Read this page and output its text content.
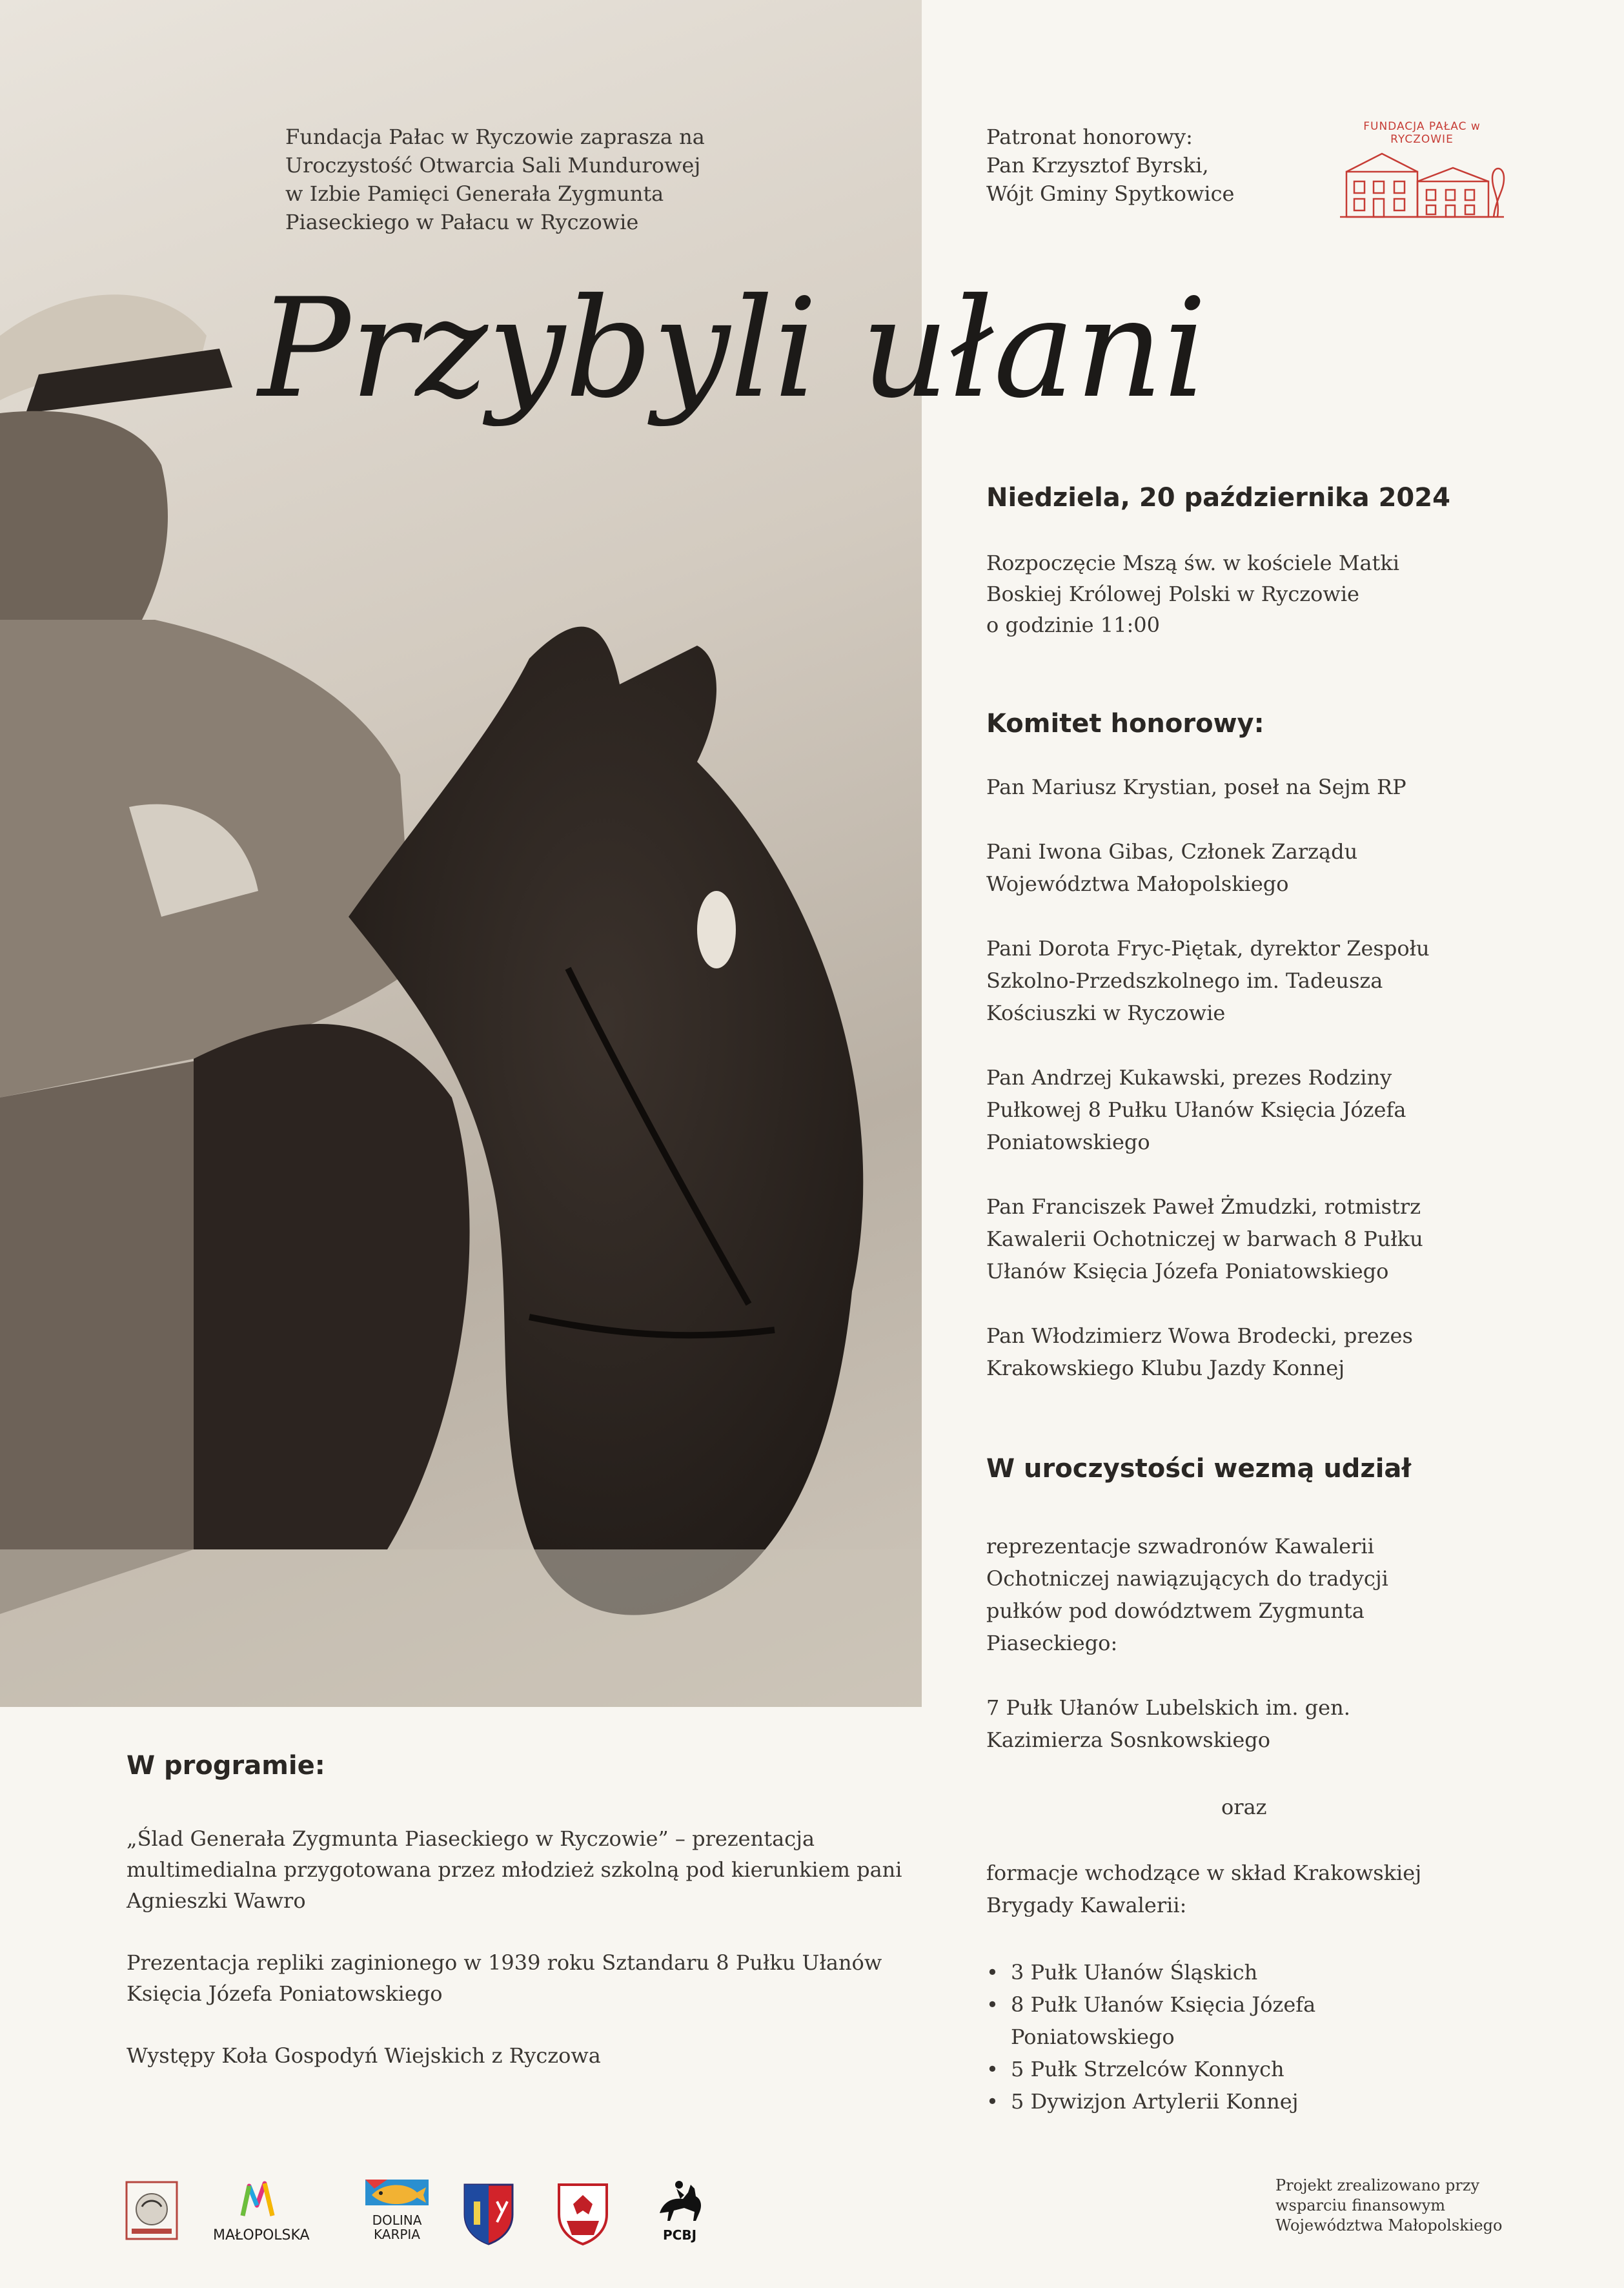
Fundacja Pałac w Ryczowie zaprasza na
Uroczystość Otwarcia Sali Mundurowej
w Izbie Pamięci Generała Zygmunta
Piaseckiego w Pałacu w Ryczowie
Patronat honorowy:
Pan Krzysztof Byrski,
Wójt Gminy Spytkowice
FUNDACJA PAŁAC w RYCZOWIE
Przybyli ułani
Niedziela, 20 października 2024
Rozpoczęcie Mszą św. w kościele Matki
Boskiej Królowej Polski w Ryczowie
o godzinie 11:00
Komitet honorowy:

Pan Mariusz Krystian, poseł na Sejm RP

Pani Iwona Gibas, Członek Zarządu Województwa Małopolskiego

Pani Dorota Fryc-Piętak, dyrektor Zespołu Szkolno-Przedszkolnego im. Tadeusza Kościuszki w Ryczowie

Pan Andrzej Kukawski, prezes Rodziny Pułkowej 8 Pułku Ułanów Księcia Józefa Poniatowskiego

Pan Franciszek Paweł Żmudzki, rotmistrz Kawalerii Ochotniczej w barwach 8 Pułku Ułanów Księcia Józefa Poniatowskiego

Pan Włodzimierz Wowa Brodecki, prezes Krakowskiego Klubu Jazdy Konnej

W uroczystości wezmą udział
reprezentacje szwadronów Kawalerii Ochotniczej nawiązujących do tradycji pułków pod dowództwem Zygmunta Piaseckiego:
7 Pułk Ułanów Lubelskich im. gen. Kazimierza Sosnkowskiego
oraz
formacje wchodzące w skład Krakowskiej Brygady Kawalerii:
• 3 Pułk Ułanów Śląskich
• 8 Pułk Ułanów Księcia Józefa Poniatowskiego
• 5 Pułk Strzelców Konnych
• 5 Dywizjon Artylerii Konnej
W programie:

„Ślad Generała Zygmunta Piaseckiego w Ryczowie” – prezentacja multimedialna przygotowana przez młodzież szkolną pod kierunkiem pani Agnieszki Wawro

Prezentacja repliki zaginionego w 1939 roku Sztandaru 8 Pułku Ułanów Księcia Józefa Poniatowskiego

Występy Koła Gospodyń Wiejskich z Ryczowa

MAŁOPOLSKA
DOLINA
KARPIA	PCBJ
Projekt zrealizowano przy
wsparciu finansowym
Województwa Małopolskiego
